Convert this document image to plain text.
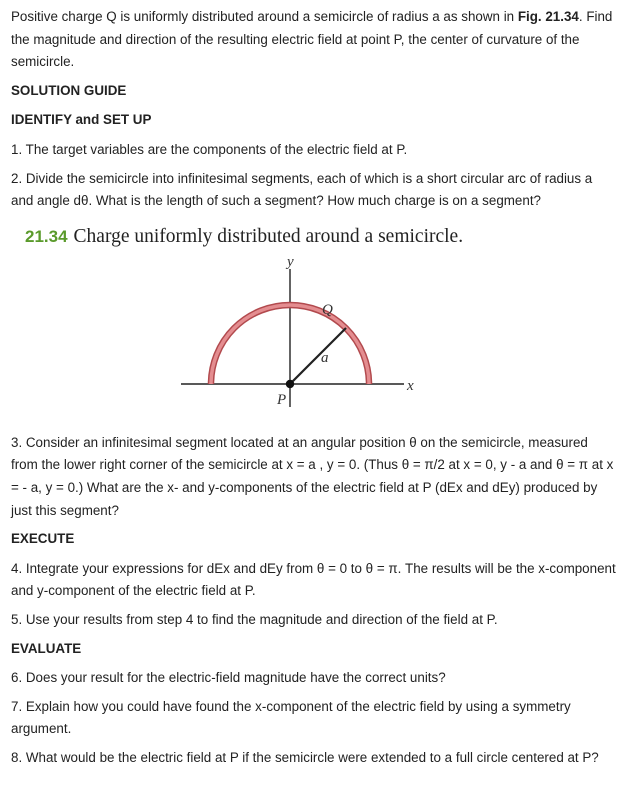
Positive charge Q is uniformly distributed around a semicircle of radius a as shown in Fig. 21.34. Find the magnitude and direction of the resulting electric field at point P, the center of curvature of the semicircle.

SOLUTION GUIDE

IDENTIFY and SET UP

1. The target variables are the components of the electric field at P.

2. Divide the semicircle into infinitesimal segments, each of which is a short circular arc of radius a and angle dθ. What is the length of such a segment? How much charge is on a segment?

21.34 Charge uniformly distributed around a semicircle.
y
x
Q
a
P

3. Consider an infinitesimal segment located at an angular position θ on the semicircle, measured from the lower right corner of the semicircle at x = a , y = 0. (Thus θ = π/2 at x = 0, y - a and θ = π at x = - a, y = 0.) What are the x- and y-components of the electric field at P (dEx and dEy) produced by just this segment?

EXECUTE

4. Integrate your expressions for dEx and dEy from θ = 0 to θ = π. The results will be the x-component and y-component of the electric field at P.

5. Use your results from step 4 to find the magnitude and direction of the field at P.

EVALUATE

6. Does your result for the electric-field magnitude have the correct units?

7. Explain how you could have found the x-component of the electric field by using a symmetry argument.

8. What would be the electric field at P if the semicircle were extended to a full circle centered at P?
